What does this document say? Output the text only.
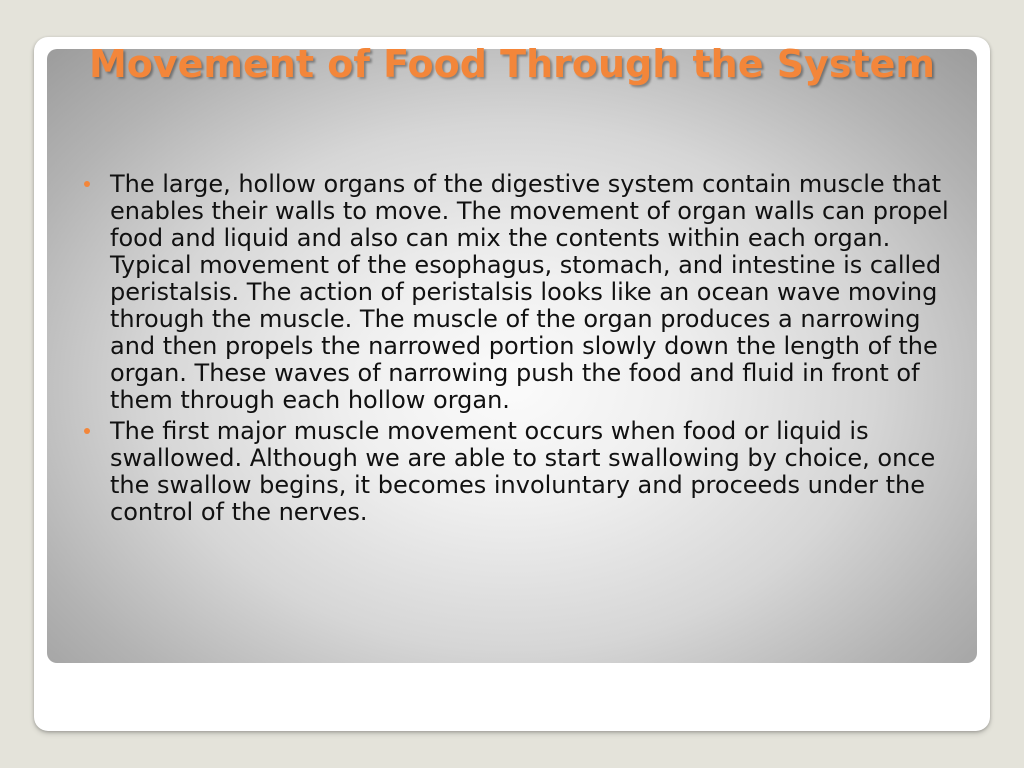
Movement of Food Through the System
The large, hollow organs of the digestive system contain muscle that enables their walls to move. The movement of organ walls can propel food and liquid and also can mix the contents within each organ. Typical movement of the esophagus, stomach, and intestine is called peristalsis. The action of peristalsis looks like an ocean wave moving through the muscle. The muscle of the organ produces a narrowing and then propels the narrowed portion slowly down the length of the organ. These waves of narrowing push the food and fluid in front of them through each hollow organ.
The first major muscle movement occurs when food or liquid is swallowed. Although we are able to start swallowing by choice, once the swallow begins, it becomes involuntary and proceeds under the control of the nerves.
